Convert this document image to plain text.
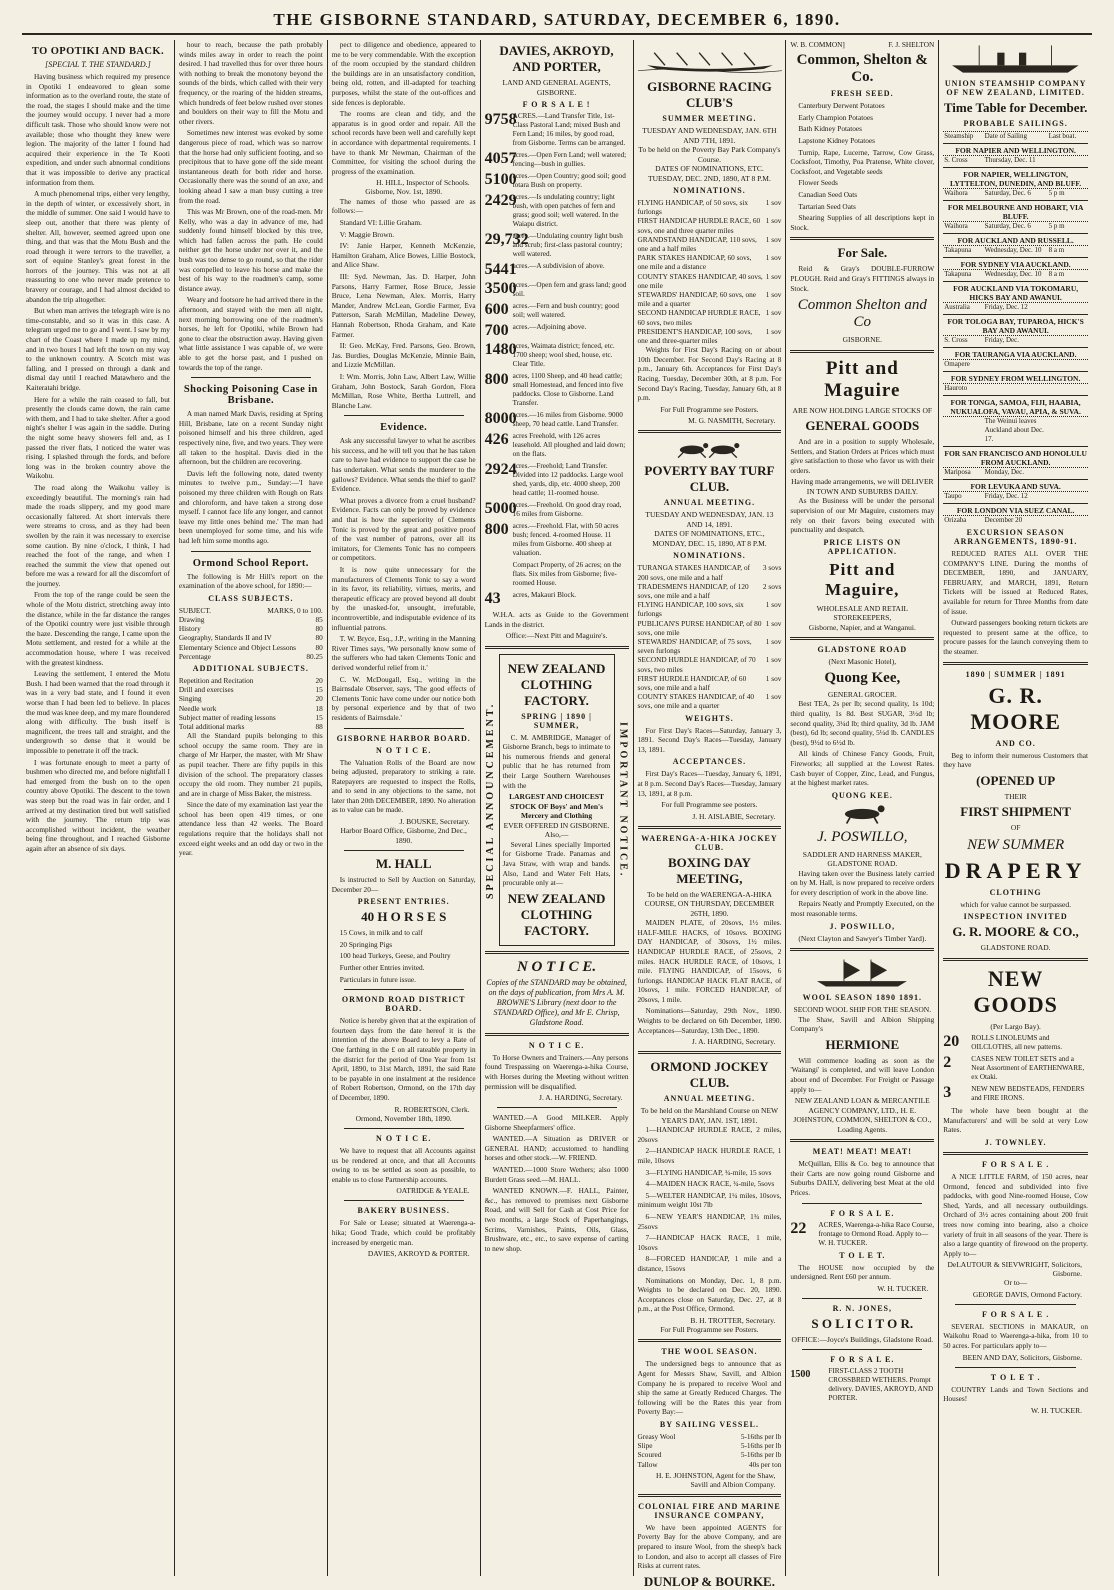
THE GISBORNE STANDARD, SATURDAY, DECEMBER 6, 1890.
TO OPOTIKI AND BACK.
[SPECIAL T. THE STANDARD.]

Having business which required my presence in Opotiki I endeavored to glean some information as to the overland route, the state of the road, the stages I should make and the time the journey would occupy. I never had a more difficult task. Those who should know were not available; those who thought they knew were legion. The majority of the latter I found had acquired their experience in the Te Kooti expedition, and under such abnormal conditions that it was impossible to derive any practical information from them.

A much phenomenal trips, either very lengthy, in the depth of winter, or excessively short, in the middle of summer. One said I would have to sleep out, another that there was plenty of shelter. All, however, seemed agreed upon one thing, and that was that the Motu Bush and the road through it were terrors to the traveller, a sort of equine Stanley's great forest in the horrors of the journey. This was not at all reassuring to one who never made pretence to bravery or courage, and I had almost decided to abandon the trip altogether.

But when man arrives the telegraph wire is no time-constable, and so it was in this case. A telegram urged me to go and I went. I saw by my chart of the Coast where I made up my mind, and in two hours I had left the town on my way to the unknown country. A Scotch mist was falling, and I pressed on through a dank and dismal day until I reached Matawhero and the Kaiteratahi bridge.

Here for a while the rain ceased to fall, but presently the clouds came down, the rain came with them, and I had to take shelter. After a good night's shelter I was again in the saddle. During the night some heavy showers fell and, as I passed the river flats, I noticed the water was rising. I splashed through the fords, and before long was in the broken country above the Waikohu.

The road along the Waikohu valley is exceedingly beautiful. The morning's rain had made the roads slippery, and my good mare occasionally faltered. At short intervals there were streams to cross, and as they had been swollen by the rain it was necessary to exercise some caution. By nine o'clock, I think, I had reached the foot of the range, and when I reached the summit the view that opened out before me was a reward for all the discomfort of the journey.

From the top of the range could be seen the whole of the Motu district, stretching away into the distance, while in the far distance the ranges of the Opotiki country were just visible through the haze. Descending the range, I came upon the Motu settlement, and rested for a while at the accommodation house, where I was received with the greatest kindness.

Leaving the settlement, I entered the Motu Bush. I had been warned that the road through it was in a very bad state, and I found it even worse than I had been led to believe. In places the mud was knee deep, and my mare floundered along with difficulty. The bush itself is magnificent, the trees tall and straight, and the undergrowth so dense that it would be impossible to penetrate it off the track.

I was fortunate enough to meet a party of bushmen who directed me, and before nightfall I had emerged from the bush on to the open country above Opotiki. The descent to the town was steep but the road was in fair order, and I arrived at my destination tired but well satisfied with the journey. The return trip was accomplished without incident, the weather being fine throughout, and I reached Gisborne again after an absence of six days.

hour to reach, because the path probably winds miles away in order to reach the point desired. I had travelled thus for over three hours with nothing to break the monotony beyond the sounds of the birds, which called with their very frequency, or the roaring of the hidden streams, which hundreds of feet below rushed over stones and boulders on their way to fill the Motu and other rivers.

Sometimes new interest was evoked by some dangerous piece of road, which was so narrow that the horse had only sufficient footing, and so precipitous that to have gone off the side meant instantaneous death for both rider and horse. Occasionally there was the sound of an axe, and looking ahead I saw a man busy cutting a tree from the road.

This was Mr Brown, one of the road-men. Mr Kelly, who was a day in advance of me, had suddenly found himself blocked by this tree, which had fallen across the path. He could neither get the horse under nor over it, and the bush was too dense to go round, so that the rider was compelled to leave his horse and make the best of his way to the roadmen's camp, some distance away.

Weary and footsore he had arrived there in the afternoon, and stayed with the men all night, next morning borrowing one of the roadmen's horses, he left for Opotiki, while Brown had gone to clear the obstruction away. Having given what little assistance I was capable of, we were able to get the horse past, and I pushed on towards the top of the range.

Shocking Poisoning Case in Brisbane.

A man named Mark Davis, residing at Spring Hill, Brisbane, late on a recent Sunday night poisoned himself and his three children, aged respectively nine, five, and two years. They were all taken to the hospital. Davis died in the afternoon, but the children are recovering.

Davis left the following note, dated twenty minutes to twelve p.m., Sunday:—'I have poisoned my three children with Rough on Rats and chloroform, and have taken a strong dose myself. I cannot face life any longer, and cannot leave my little ones behind me.' The man had been unemployed for some time, and his wife had left him some months ago.

Ormond School Report.

The following is Mr Hill's report on the examination of the above school, for 1890:—

CLASS SUBJECTS.
SUBJECT.	MARKS, 0 to 100.
Drawing	85
History	80
Geography, Standards II and IV	80
Elementary Science and Object Lessons	80
Percentage	80.25
ADDITIONAL SUBJECTS.
Repetition and Recitation	20
Drill and exercises	15
Singing	20
Needle work	18
Subject matter of reading lessons	15
Total additional marks	88

All the Standard pupils belonging to this school occupy the same room. They are in charge of Mr Harper, the master, with Mr Shaw as pupil teacher. There are fifty pupils in this division of the school. The preparatory classes occupy the old room. They number 21 pupils, and are in charge of Miss Baker, the mistress.

Since the date of my examination last year the school has been open 419 times, or one attendance less than 42 weeks. The Board regulations require that the holidays shall not exceed eight weeks and an odd day or two in the year.

pect to diligence and obedience, appeared to me to be very commendable. With the exception of the room occupied by the standard children the buildings are in an unsatisfactory condition, being old, rotten, and ill-adapted for teaching purposes, whilst the state of the out-offices and side fences is deplorable.

The rooms are clean and tidy, and the apparatus is in good order and repair. All the school records have been well and carefully kept in accordance with departmental requirements. I have to thank Mr Newman, Chairman of the Committee, for visiting the school during the progress of the examination.

H. HILL, Inspector of Schools.
Gisborne, Nov. 1st, 1890.

The names of those who passed are as follows:—

Standard VI: Lillie Graham.

V: Maggie Brown.

IV: Janie Harper, Kenneth McKenzie, Hamilton Graham, Alice Bowes, Lillie Bostock, and Alice Shaw.

III: Syd. Newman, Jas. D. Harper, John Parsons, Harry Farmer, Rose Bruce, Jessie Bruce, Lena Newman, Alex. Morris, Harry Mander, Andrew McLean, Gordie Farmer, Eva Patterson, Sarah McMillan, Madeline Dewey, Hannah Robertson, Rhoda Graham, and Kate Farmer.

II: Geo. McKay, Fred. Parsons, Geo. Brown, Jas. Burdies, Douglas McKenzie, Minnie Bain, and Lizzie McMillan.

I: Wm. Morris, John Law, Albert Law, Willie Graham, John Bostock, Sarah Gordon, Flora McMillan, Rose White, Bertha Luttrell, and Blanche Law.

Evidence.

Ask any successful lawyer to what he ascribes his success, and he will tell you that he has taken care to have had evidence to support the case he has undertaken. What sends the murderer to the gallows? Evidence. What sends the thief to gaol? Evidence.

What proves a divorce from a cruel husband? Evidence. Facts can only be proved by evidence and that is how the superiority of Clements Tonic is proved by the great and positive proof of the vast number of patrons, over all its imitators, for Clements Tonic has no compeers or competitors.

It is now quite unnecessary for the manufacturers of Clements Tonic to say a word in its favor, its reliability, virtues, merits, and therapeutic efficacy are proved beyond all doubt by the unasked-for, unsought, irrefutable, incontrovertible, and indisputable evidence of its influential patrons.

T. W. Bryce, Esq., J.P., writing in the Manning River Times says, 'We personally know some of the sufferers who had taken Clements Tonic and derived wonderful relief from it.'

C. W. McDougall, Esq., writing in the Bairnsdale Observer, says, 'The good effects of Clements Tonic have come under our notice both by personal experience and by that of two residents of Bairnsdale.'

GISBORNE HARBOR BOARD.
N O T I C E.

The Valuation Rolls of the Board are now being adjusted, preparatory to striking a rate. Ratepayers are requested to inspect the Rolls, and to send in any objections to the same, not later than 20th DECEMBER, 1890. No alteration as to value can be made.

J. BOUSKE, Secretary.
Harbor Board Office, Gisborne, 2nd Dec., 1890.
M. HALL

Is instructed to Sell by Auction on Saturday, December 20—

PRESENT ENTRIES.
40 H O R S E S

15 Cows, in milk and to calf

20 Springing Pigs

100 head Turkeys, Geese, and Poultry

Further other Entries invited.

Particulars in future issue.

ORMOND ROAD DISTRICT BOARD.

Notice is hereby given that at the expiration of fourteen days from the date hereof it is the intention of the above Board to levy a Rate of One farthing in the £ on all rateable property in the district for the period of One Year from 1st April, 1890, to 31st March, 1891, the said Rate to be payable in one instalment at the residence of Robert Robertson, Ormond, on the 17th day of December, 1890.

R. ROBERTSON, Clerk.
Ormond, November 18th, 1890.
N O T I C E.

We have to request that all Accounts against us be rendered at once, and that all Accounts owing to us be settled as soon as possible, to enable us to close Partnership accounts.

OATRIDGE & YEALE.
BAKERY BUSINESS.

For Sale or Lease; situated at Waerenga-a-hika; Good Trade, which could be profitably increased by energetic man.

DAVIES, AKROYD & PORTER.
DAVIES, AKROYD, AND PORTER,
LAND AND GENERAL AGENTS, GISBORNE.
F O R S A L E !
9758
ACRES.—Land Transfer Title, 1st-Class Pastoral Land; mixed Bush and Fern Land; 16 miles, by good road, from Gisborne. Terms can be arranged.
4057
acres.—Open Fern Land; well watered; fencing—bush in gullies.
5100
acres.—Open Country; good soil; good totara Bush on property.
2429
acres.—Is undulating country; light bush, with open patches of fern and grass; good soil; well watered. In the Waiapu district.
29,732
acres.—Undulating country light bush and scrub; first-class pastoral country; well watered.
5441
acres.—A subdivision of above.
3500
acres.—Open fern and grass land; good soil.
600 acres.—Fern and bush country; good soil; well watered.
700 acres.—Adjoining above.
1480
acres, Waimata district; fenced, etc. 1700 sheep; wool shed, house, etc. Clear Title.
800 acres, 1100 Sheep, and 40 head cattle; small Homestead, and fenced into five paddocks. Close to Gisborne. Land Transfer.
8000
acres.—16 miles from Gisborne. 9000 sheep, 70 head cattle. Land Transfer.
426 acres Freehold, with 126 acres leasehold. All ploughed and laid down; on the flats.
2924
acres.—Freehold; Land Transfer. Divided into 12 paddocks. Large wool shed, yards, dip, etc. 4000 sheep, 200 head cattle; 11-roomed house.
5000
acres.—Freehold. On good dray road, 16 miles from Gisborne.
800 acres.—Freehold. Flat, with 50 acres bush; fenced. 4-roomed House. 11 miles from Gisborne. 400 sheep at valuation.
Compact Property, of 26 acres; on the flats. Six miles from Gisborne; five-roomed House.
43	acres, Makauri Block.

W.H.A. acts as Guide to the Government Lands in the district.

Office:—Next Pitt and Maguire's.
SPECIAL ANNOUNCEMENT.
NEW ZEALAND CLOTHING FACTORY.
SPRING | 1890 | SUMMER,

C. M. AMBRIDGE, Manager of Gisborne Branch, begs to intimate to his numerous friends and general public that he has returned from their Large Southern Warehouses with the

LARGEST AND CHOICEST STOCK OF Boys' and Men's Mercery and Clothing
EVER OFFERED IN GISBORNE.
Also,—

Several Lines specially Imported for Gisborne Trade. Panamas and Java Straw, with wrap and bands. Also, Land and Water Felt Hats, procurable only at—

NEW ZEALAND CLOTHING FACTORY.
IMPORTANT NOTICE.
N O T I C E.
Copies of the STANDARD may be obtained, on the days of publication, from Mrs A. M. BROWNE'S Library (next door to the STANDARD Office), and Mr E. Chrisp, Gladstone Road.
N O T I C E.

To Horse Owners and Trainers.—Any persons found Trespassing on Waerenga-a-hika Course, with Horses during the Meeting without written permission will be disqualified.

J. A. HARDING, Secretary.

WANTED.—A Good MILKER. Apply Gisborne Sheepfarmers' office.

WANTED.—A Situation as DRIVER or GENERAL HAND; accustomed to handling horses and other stock.—W. FRIEND.

WANTED.—1000 Store Wethers; also 1000 Burdett Grass seed.—M. HALL.

WANTED KNOWN.—F. HALL, Painter, &c., has removed to premises next Gisborne Road, and will Sell for Cash at Cost Price for two months, a large Stock of Paperhangings, Scrims, Varnishes, Paints, Oils, Glass, Brushware, etc., etc., to save expense of carting to new shop.

GISBORNE RACING CLUB'S
SUMMER MEETING.
TUESDAY AND WEDNESDAY, JAN. 6TH AND 7TH, 1891.
To be held on the Poverty Bay Park Company's Course.
DATES OF NOMINATIONS, ETC. TUESDAY, DEC. 2ND, 1890, AT 8 P.M.
NOMINATIONS.
FLYING HANDICAP, of 50 sovs, six furlongs
1 sov
FIRST HANDICAP HURDLE RACE, 60 sovs, one and three quarter miles
1 sov
GRANDSTAND HANDICAP, 110 sovs, one and a half miles
1 sov
PARK STAKES HANDICAP, 60 sovs, one mile and a distance
1 sov
COUNTY STAKES HANDICAP, 40 sovs, one mile
1 sov
STEWARDS' HANDICAP, 60 sovs, one mile and a quarter
1 sov
SECOND HANDICAP HURDLE RACE, 60 sovs, two miles
1 sov
PRESIDENT'S HANDICAP, 100 sovs, one and three-quarter miles
1 sov

Weights for First Day's Racing on or about 10th December. For Second Day's Racing at 8 p.m., January 6th. Acceptances for First Day's Racing, Tuesday, December 30th, at 8 p.m. For Second Day's Racing, Tuesday, January 6th, at 8 p.m.

For Full Programme see Posters.
M. G. NASMITH, Secretary.
POVERTY BAY TURF CLUB.
ANNUAL MEETING.
TUESDAY AND WEDNESDAY, JAN. 13 AND 14, 1891.
DATES OF NOMINATIONS, ETC., MONDAY, DEC. 15, 1890, AT 8 P.M.
NOMINATIONS.
TURANGA STAKES HANDICAP, of 200 sovs, one mile and a half
3 sovs
TRADESMEN'S HANDICAP, of 120 sovs, one mile and a half
2 sovs
FLYING HANDICAP, 100 sovs, six furlongs
1 sov
PUBLICAN'S PURSE HANDICAP, of 80 sovs, one mile
1 sov
STEWARDS' HANDICAP, of 75 sovs, seven furlongs
1 sov
SECOND HURDLE HANDICAP, of 70 sovs, two miles
1 sov
FIRST HURDLE HANDICAP, of 60 sovs, one mile and a half
1 sov
COUNTY STAKES HANDICAP, of 40 sovs, one mile and a quarter
1 sov
WEIGHTS.

For First Day's Races—Saturday, January 3, 1891. Second Day's Races—Tuesday, January 13, 1891.

ACCEPTANCES.

First Day's Races—Tuesday, January 6, 1891, at 8 p.m. Second Day's Races—Tuesday, January 13, 1891, at 8 p.m.

For full Programme see posters.
J. H. AISLABIE, Secretary.
WAERENGA-A-HIKA JOCKEY CLUB.
BOXING DAY MEETING,
To be held on the WAERENGA-A-HIKA COURSE, ON THURSDAY, DECEMBER 26TH, 1890.

MAIDEN PLATE, of 20sovs, 1½ miles. HALF-MILE HACKS, of 10sovs. BOXING DAY HANDICAP, of 30sovs, 1½ miles. HANDICAP HURDLE RACE, of 25sovs, 2 miles. HACK HURDLE RACE, of 10sovs, 1 mile. FLYING HANDICAP, of 15sovs, 6 furlongs. HANDICAP HACK FLAT RACE, of 10sovs, 1 mile. FORCED HANDICAP, of 20sovs, 1 mile.

Nominations—Saturday, 29th Nov., 1890. Weights to be declared on 6th December, 1890. Acceptances—Saturday, 13th Dec., 1890.

J. A. HARDING, Secretary.
ORMOND JOCKEY CLUB.
ANNUAL MEETING.
To be held on the Marshland Course on NEW YEAR'S DAY, JAN. 1ST, 1891.

1—HANDICAP HURDLE RACE, 2 miles, 20sovs

2—HANDICAP HACK HURDLE RACE, 1 mile, 10sovs

3—FLYING HANDICAP, ¾-mile, 15 sovs

4—MAIDEN HACK RACE, ¾-mile, 5sovs

5—WELTER HANDICAP, 1¼ miles, 10sovs, minimum weight 10st 7lb

6—NEW YEAR'S HANDICAP, 1¾ miles, 25sovs

7—HANDICAP HACK RACE, 1 mile, 10sovs

8—FORCED HANDICAP, 1 mile and a distance, 15sovs

Nominations on Monday, Dec. 1, 8 p.m. Weights to be declared on Dec. 20, 1890. Acceptances close on Saturday, Dec. 27, at 8 p.m., at the Post Office, Ormond.

B. H. TROTTER, Secretary.
For Full Programme see Posters.
THE WOOL SEASON.

The undersigned begs to announce that as Agent for Messrs Shaw, Savill, and Albion Company he is prepared to receive Wool and ship the same at Greatly Reduced Charges. The following will be the Rates this year from Poverty Bay:—

BY SAILING VESSEL.
Greasy Wool	5-16ths per lb
Slipe	5-16ths per lb
Scoured	5-16ths per lb
Tallow	40s per ton
H. E. JOHNSTON, Agent for the Shaw, Savill and Albion Company.
COLONIAL FIRE AND MARINE INSURANCE COMPANY,

We have been appointed AGENTS for Poverty Bay for the above Company, and are prepared to insure Wool, from the sheep's back to London, and also to accept all classes of Fire Risks at current rates.

DUNLOP & BOURKE.
W. B. COMMON]	F. J. SHELTON
Common, Shelton & Co.
FRESH SEED.

Canterbury Derwent Potatoes

Early Champion Potatoes

Bath Kidney Potatoes

Lapstone Kidney Potatoes

Turnip, Rape, Lucerne, Tarrow, Cow Grass, Cocksfoot, Timothy, Poa Pratense, White clover, Cocksfoot, and Vegetable seeds

Flower Seeds

Canadian Seed Oats

Tartarian Seed Oats

Shearing Supplies of all descriptions kept in Stock.

For Sale.

Reid & Gray's DOUBLE-FURROW PLOUGH. Reid and Gray's FITTINGS always in Stock.

Common Shelton and Co
GISBORNE.
Pitt and Maguire
ARE NOW HOLDING LARGE STOCKS OF
GENERAL GOODS

And are in a position to supply Wholesale, Settlers, and Station Orders at Prices which must give satisfaction to those who favor us with their orders.

Having made arrangements, we will DELIVER IN TOWN AND SUBURBS DAILY.

As the Business will be under the personal supervision of our Mr Maguire, customers may rely on their favors being executed with punctuality and despatch.

PRICE LISTS ON APPLICATION.
Pitt and Maguire,
WHOLESALE AND RETAIL STOREKEEPERS,
Gisborne, Napier, and at Wanganui.
GLADSTONE ROAD
(Next Masonic Hotel),
Quong Kee,
GENERAL GROCER.

Best TEA, 2s per lb; second quality, 1s 10d; third quality, 1s 8d. Best SUGAR, 3½d lb; second quality, 3¼d lb; third quality, 3d lb. JAM (best), 6d lb; second quality, 5¼d lb. CANDLES (best), 9½d to 6½d lb.

All kinds of Chinese Fancy Goods, Fruit, Fireworks; all supplied at the Lowest Rates. Cash buyer of Copper, Zinc, Lead, and Fungus, at the highest market rates.

QUONG KEE.
J. POSWILLO,
SADDLER AND HARNESS MAKER, GLADSTONE ROAD.

Having taken over the Business lately carried on by M. Hall, is now prepared to receive orders for every description of work in the above line.

Repairs Neatly and Promptly Executed, on the most reasonable terms.

J. POSWILLO,
(Next Clayton and Sawyer's Timber Yard).
WOOL SEASON 1890 1891.
SECOND WOOL SHIP FOR THE SEASON.

The Shaw, Savill and Albion Shipping Company's

HERMIONE

Will commence loading as soon as the 'Waitangi' is completed, and will leave London about end of December. For Freight or Passage apply to—

NEW ZEALAND LOAN & MERCANTILE AGENCY COMPANY, LTD., H. E. JOHNSTON, COMMON, SHELTON & CO., Loading Agents.
MEAT! MEAT! MEAT!

McQuillan, Ellis & Co. beg to announce that their Carts are now going round Gisborne and Suburbs DAILY, delivering best Meat at the old Prices.

F O R S A L E.
22	ACRES, Waerenga-a-hika Race Course, frontage to Ormond Road. Apply to— W. H. TUCKER.
T O L E T.

The HOUSE now occupied by the undersigned. Rent £60 per annum.

W. H. TUCKER.
R. N. JONES,
S O L I C I T O R.
OFFICE:—Joyce's Buildings, Gladstone Road.
F O R S A L E.
1500	FIRST-CLASS 2 TOOTH CROSSBRED WETHERS. Prompt delivery. DAVIES, AKROYD, AND PORTER.
UNION STEAMSHIP COMPANY OF NEW ZEALAND, LIMITED.
Time Table for December.
PROBABLE SAILINGS.
Steamship	Date of Sailing	Last boat.
FOR NAPIER AND WELLINGTON.
S. Cross	Thursday, Dec. 11
FOR NAPIER, WELLINGTON, LYTTELTON, DUNEDIN, AND BLUFF.
Waihora	Saturday, Dec. 6	5 p m
FOR MELBOURNE AND HOBART, VIA BLUFF.
Waihora	Saturday, Dec. 6	5 p m
FOR AUCKLAND AND RUSSELL.
Takapuna	Wednesday, Dec. 10	8 a m
FOR SYDNEY VIA AUCKLAND.
Takapuna	Wednesday, Dec. 10	8 a m
FOR AUCKLAND VIA TOKOMARU, HICKS BAY AND AWANUI.
Australia	Friday, Dec. 12
FOR TOLOGA BAY, TUPAROA, HICK'S BAY AND AWANUI.
S. Cross	Friday, Dec.
FOR TAURANGA VIA AUCKLAND.
Omapere
FOR SYDNEY FROM WELLINGTON.
Hauroto
FOR TONGA, SAMOA, FIJI, HAABIA, NUKUALOFA, VAVAU, APIA, & SUVA.
The Weinui leaves Auckland about Dec. 17.
FOR SAN FRANCISCO AND HONOLULU FROM AUCKLAND.
Mariposa	Monday, Dec.
FOR LEVUKA AND SUVA.
Taupo	Friday, Dec. 12
FOR LONDON VIA SUEZ CANAL.
Orizaba	December 20
EXCURSION SEASON ARRANGEMENTS, 1890-91.

REDUCED RATES ALL OVER THE COMPANY'S LINE. During the months of DECEMBER, 1890, and JANUARY, FEBRUARY, and MARCH, 1891, Return Tickets will be issued at Reduced Rates, available for return for Three Months from date of issue.

Outward passengers booking return tickets are requested to present same at the office, to procure passes for the launch conveying them to the steamer.

1890 | SUMMER | 1891
G. R. MOORE
AND CO.

Beg to inform their numerous Customers that they have

(OPENED UP
THEIR
FIRST SHIPMENT
OF
NEW SUMMER
DRAPERY
CLOTHING
which for value cannot be surpassed.
INSPECTION INVITED
G. R. MOORE & CO.,
GLADSTONE ROAD.
NEW GOODS
(Per Largo Bay).
20	ROLLS LINOLEUMS and OILCLOTHS, all new patterns.
2	CASES NEW TOILET SETS and a Neat Assortment of EARTHENWARE, ex Otaki.
3	NEW NEW BEDSTEADS, FENDERS and FIRE IRONS.

The whole have been bought at the Manufacturers' and will be sold at very Low Rates.

J. TOWNLEY.
F O R S A L E .

A NICE LITTLE FARM, of 150 acres, near Ormond, fenced and subdivided into five paddocks, with good Nine-roomed House, Cow Shed, Yards, and all necessary outbuildings. Orchard of 3½ acres containing about 200 fruit trees now coming into bearing, also a choice variety of fruit in all seasons of the year. There is also a large quantity of firewood on the property. Apply to—

DeLAUTOUR & SIEVWRIGHT, Solicitors, Gisborne.
Or to—
GEORGE DAVIS, Ormond Factory.
F O R S A L E .

SEVERAL SECTIONS in MAKAUR, on Waikohu Road to Waerenga-a-hika, from 10 to 50 acres. For particulars apply to—

BEEN AND DAY, Solicitors, Gisborne.
T O L E T .

COUNTRY Lands and Town Sections and Houses!

W. H. TUCKER.
